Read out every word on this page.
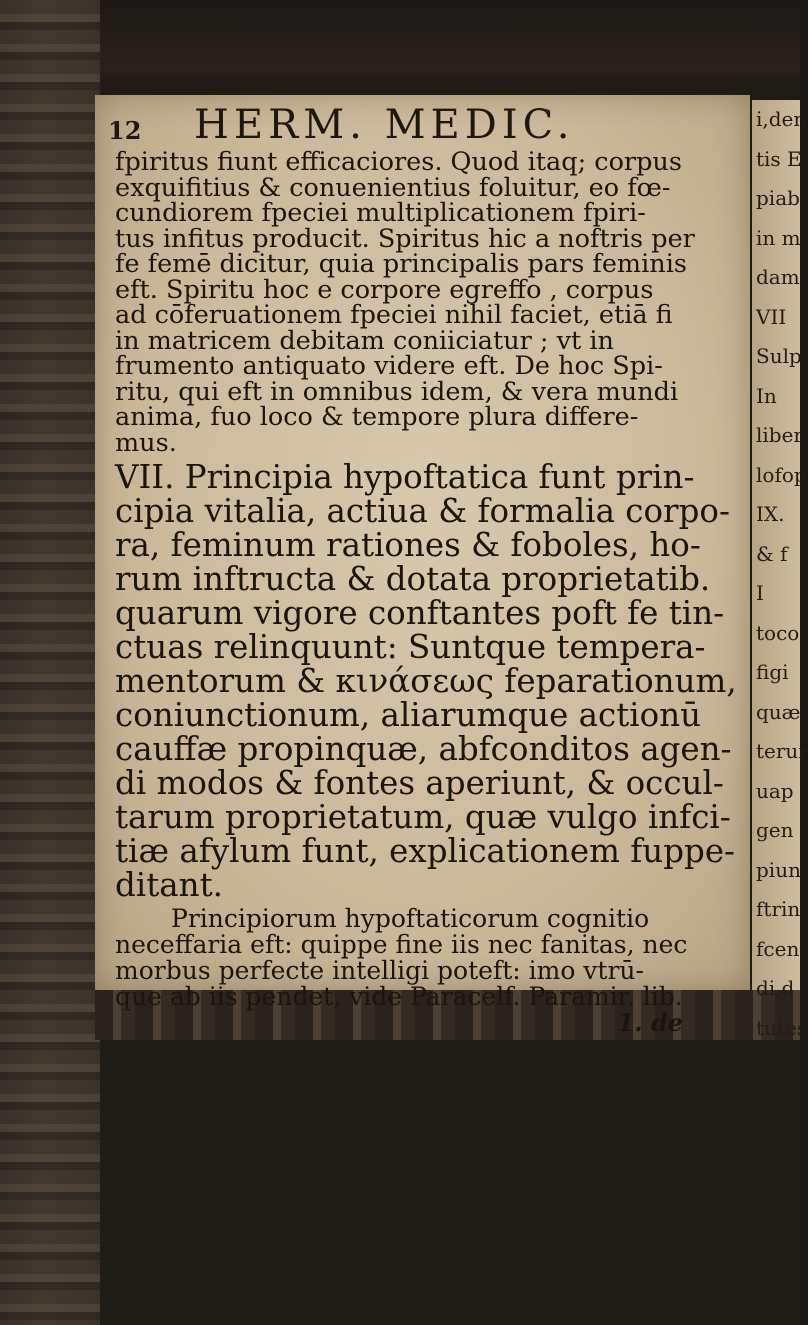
i,den
tis E
piab
in m
dam
VII
Sulp
In
liber
lofop
IX.
& f
I
toco
figi
quæ
terur
uap
gen
piun
ftrin
fcen
di,d
tutes
feru
X.
fum
Iun
me
(
12 HERM. MEDIC.
fpiritus fiunt efficaciores. Quod itaq; corpus
exquifitius & conuenientius foluitur, eo fœ-
cundiorem fpeciei multiplicationem fpiri-
tus infitus producit. Spiritus hic a noftris per
fe femē dicitur, quia principalis pars feminis
eft. Spiritu hoc e corpore egreffo , corpus
ad cōferuationem fpeciei nihil faciet, etiā fi
in matricem debitam coniiciatur ; vt in
frumento antiquato videre eft. De hoc Spi-
ritu, qui eft in omnibus idem, & vera mundi
anima, fuo loco & tempore plura differe-
mus.
VII. Principia hypoftatica funt prin-
cipia vitalia, actiua & formalia corpo-
ra, feminum rationes & foboles, ho-
rum inftructa & dotata proprietatib.
quarum vigore conftantes poft fe tin-
ctuas relinquunt: Suntque tempera-
mentorum & κινάσεως feparationum,
coniunctionum, aliarumque actionū
cauffæ propinquæ, abfconditos agen-
di modos & fontes aperiunt, & occul-
tarum proprietatum, quæ vulgo infci-
tiæ afylum funt, explicationem fuppe-
ditant.
Principiorum hypoftaticorum cognitio
neceffaria eft: quippe fine iis nec fanitas, nec
morbus perfecte intelligi poteft: imo vtrū-
que ab iis pendet, vide Paracelf. Paramir. lib.
1. de
